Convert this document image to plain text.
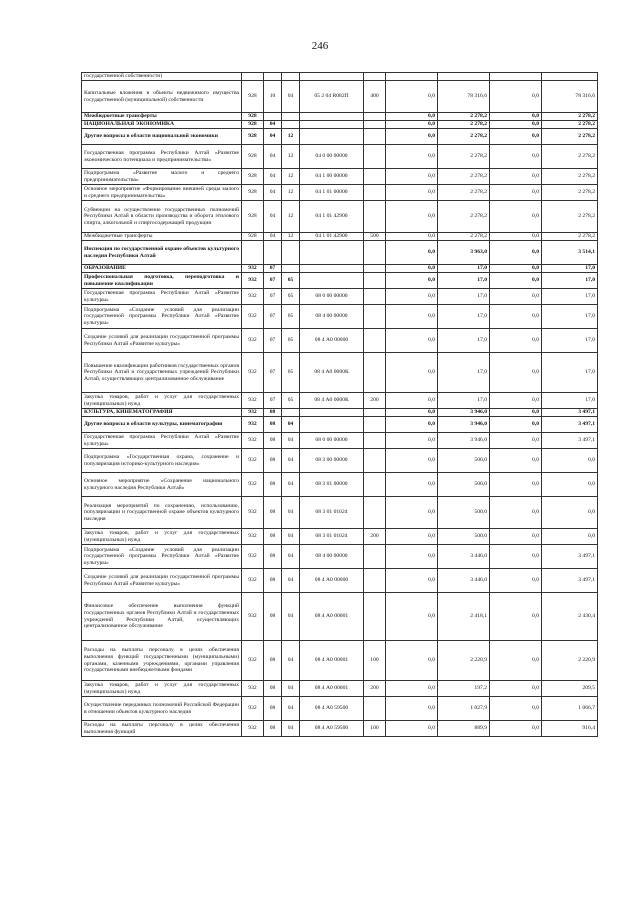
246
государственной собственности)									
Капитальные вложения в объекты недвижимого имущества государственной (муниципальной) собственности	928	10	04	05 2 04 R082П	400	0,0	78 316,6	0,0	78 316,6
Межбюджетные трансферты	928					0,0	2 278,2	0,0	2 278,2
НАЦИОНАЛЬНАЯ ЭКОНОМИКА	928	04				0,0	2 278,2	0,0	2 278,2
Другие вопросы в области национальной экономики	928	04	12			0,0	2 278,2	0,0	2 278,2
Государственная программа Республики Алтай «Развитие экономического потенциала и предпринимательства»	928	04	12	04 0 00 00000		0,0	2 278,2	0,0	2 278,2
Подпрограмма «Развитие малого и среднего предпринимательства»	928	04	12	04 1 00 00000		0,0	2 278,2	0,0	2 278,2
Основное мероприятие «Формирование внешней среды малого и среднего предпринимательства»	928	04	12	04 1 01 00000		0,0	2 278,2	0,0	2 278,2
Субвенции на осуществление государственных полномочий Республики Алтай в области производства и оборота этилового спирта, алкогольной и спиртосодержащей продукции	928	04	12	04 1 01 42900		0,0	2 278,2	0,0	2 278,2
Межбюджетные трансферты	928	04	12	04 1 01 42900	500	0,0	2 278,2	0,0	2 278,2
Инспекция по государственной охране объектов культурного наследия Республики Алтай						0,0	3 963,0	0,0	3 514,1
ОБРАЗОВАНИЕ	932	07				0,0	17,0	0,0	17,0
Профессиональная подготовка, переподготовка и повышение квалификации	932	07	05			0,0	17,0	0,0	17,0
Государственная программа Республики Алтай «Развитие культуры»	932	07	05	08 0 00 00000		0,0	17,0	0,0	17,0
Подпрограмма «Создание условий для реализации государственной программы Республики Алтай «Развитие культуры»	932	07	05	08 4 00 00000		0,0	17,0	0,0	17,0
Создание условий для реализации государственной программы Республики Алтай «Развитие культуры»	932	07	05	08 4 А0 00000		0,0	17,0	0,0	17,0
Повышение квалификации работников государственных органов Республики Алтай и государственных учреждений Республики Алтай, осуществляющих централизованное обслуживание	932	07	05	08 4 А0 0000К		0,0	17,0	0,0	17,0
Закупка товаров, работ и услуг для государственных (муниципальных) нужд	932	07	05	08 4 А0 0000К	200	0,0	17,0	0,0	17,0
КУЛЬТУРА, КИНЕМАТОГРАФИЯ	932	08				0,0	3 946,0	0,0	3 497,1
Другие вопросы в области культуры, кинематографии	932	08	04			0,0	3 946,0	0,0	3 497,1
Государственная программа Республики Алтай «Развитие культуры»	932	08	04	08 0 00 00000		0,0	3 946,0	0,0	3 497,1
Подпрограмма «Государственная охрана, сохранение и популяризация историко-культурного наследия»	932	08	04	08 3 00 00000		0,0	500,0	0,0	0,0
Основное мероприятие «Сохранение национального культурного наследия Республики Алтай»	932	08	04	08 3 01 00000		0,0	500,0	0,0	0,0
Реализация мероприятий по сохранению, использованию, популяризации и государственной охране объектов культурного наследия	932	08	04	08 3 01 01024		0,0	500,0	0,0	0,0
Закупка товаров, работ и услуг для государственных (муниципальных) нужд	932	08	04	08 3 01 01024	200	0,0	500,0	0,0	0,0
Подпрограмма «Создание условий для реализации государственной программы Республики Алтай «Развитие культуры»	932	08	04	08 4 00 00000		0,0	3 446,0	0,0	3 497,1
Создание условий для реализации государственной программы Республики Алтай «Развитие культуры»	932	08	04	08 4 А0 00000		0,0	3 446,0	0,0	3 497,1
Финансовое обеспечение выполнения функций государственных органов Республики Алтай и государственных учреждений Республики Алтай, осуществляющих централизованное обслуживание	932	08	04	08 4 А0 00001		0,0	2 418,1	0,0	2 430,4
Расходы на выплаты персоналу в целях обеспечения выполнения функций государственными (муниципальными) органами, казенными учреждениями, органами управления государственными внебюджетными фондами	932	08	04	08 4 А0 00001	100	0,0	2 220,9	0,0	2 220,9
Закупка товаров, работ и услуг для государственных (муниципальных) нужд	932	08	04	08 4 А0 00001	200	0,0	197,2	0,0	209,5
Осуществление переданных полномочий Российской Федерации в отношении объектов культурного наследия	932	08	04	08 4 А0 59500		0,0	1 027,9	0,0	1 066,7
Расходы на выплаты персоналу в целях обеспечения выполнения функций	932	08	04	08 4 А0 59500	100	0,0	889,9	0,0	916,4
